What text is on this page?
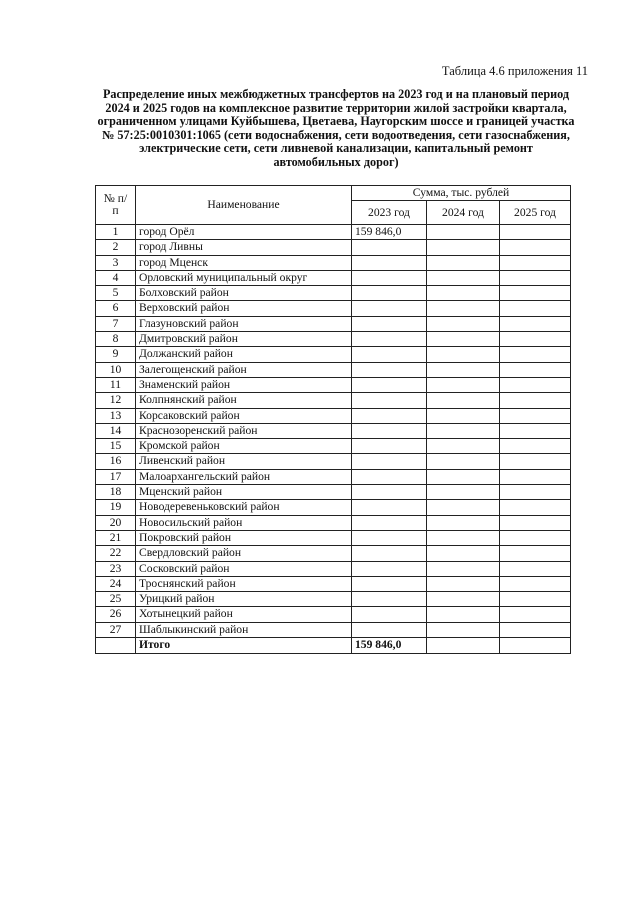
Таблица 4.6 приложения 11
Распределение иных межбюджетных трансфертов на 2023 год и на плановый период
2024 и 2025 годов на комплексное развитие территории жилой застройки квартала,
ограниченном улицами Куйбышева, Цветаева, Наугорским шоссе и границей участка
№ 57:25:0010301:1065 (сети водоснабжения, сети водоотведения, сети газоснабжения,
электрические сети, сети ливневой канализации, капитальный ремонт
автомобильных дорог)
№ п/п	Наименование	Сумма, тыс. рублей		
		2023 год	2024 год	2025 год
1	город Орёл	159 846,0		
2	город Ливны			
3	город Мценск			
4	Орловский муниципальный округ			
5	Болховский район			
6	Верховский район			
7	Глазуновский район			
8	Дмитровский район			
9	Должанский район			
10	Залегощенский район			
11	Знаменский район			
12	Колпнянский район			
13	Корсаковский район			
14	Краснозоренский район			
15	Кромской район			
16	Ливенский район			
17	Малоархангельский район			
18	Мценский район			
19	Новодеревеньковский район			
20	Новосильский район			
21	Покровский район			
22	Свердловский район			
23	Сосковский район			
24	Троснянский район			
25	Урицкий район			
26	Хотынецкий район			
27	Шаблыкинский район			
	Итого	159 846,0		
